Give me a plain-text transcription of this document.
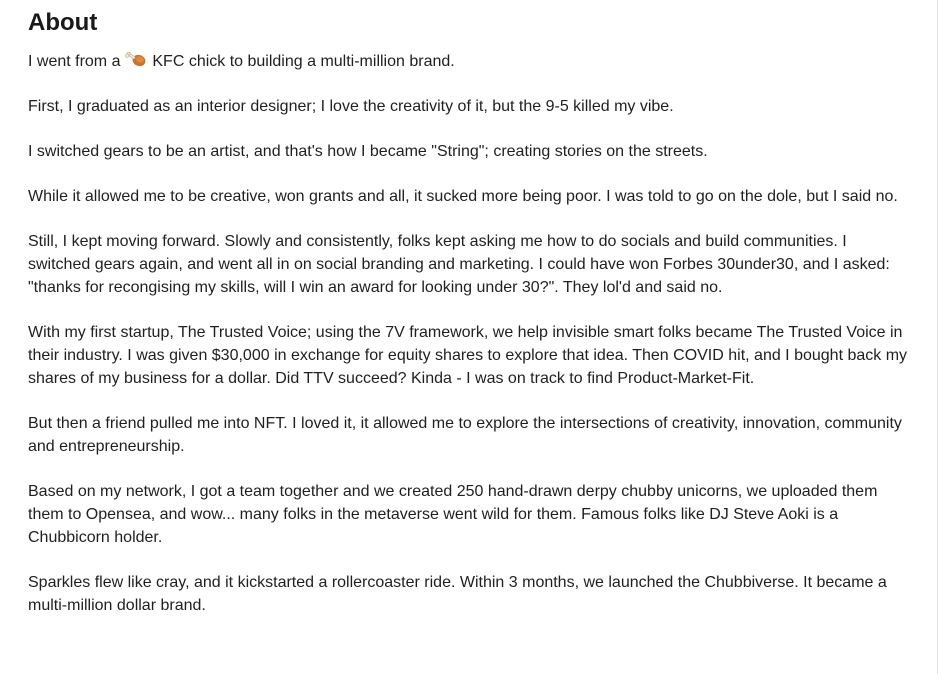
About

I went from a  KFC chick to building a multi-million brand.

First, I graduated as an interior designer; I love the creativity of it, but the 9-5 killed my vibe.

I switched gears to be an artist, and that's how I became "String"; creating stories on the streets.

While it allowed me to be creative, won grants and all, it sucked more being poor. I was told to go on the dole, but I said no.

Still, I kept moving forward. Slowly and consistently, folks kept asking me how to do socials and build communities. I switched gears again, and went all in on social branding and marketing. I could have won Forbes 30under30, and I asked: "thanks for recongising my skills, will I win an award for looking under 30?". They lol'd and said no.

With my first startup, The Trusted Voice; using the 7V framework, we help invisible smart folks became The Trusted Voice in their industry. I was given $30,000 in exchange for equity shares to explore that idea. Then COVID hit, and I bought back my shares of my business for a dollar. Did TTV succeed? Kinda - I was on track to find Product-Market-Fit.

But then a friend pulled me into NFT. I loved it, it allowed me to explore the intersections of creativity, innovation, community and entrepreneurship.

Based on my network, I got a team together and we created 250 hand-drawn derpy chubby unicorns, we uploaded them them to Opensea, and wow... many folks in the metaverse went wild for them. Famous folks like DJ Steve Aoki is a Chubbicorn holder.

Sparkles flew like cray, and it kickstarted a rollercoaster ride. Within 3 months, we launched the Chubbiverse. It became a multi-million dollar brand.
